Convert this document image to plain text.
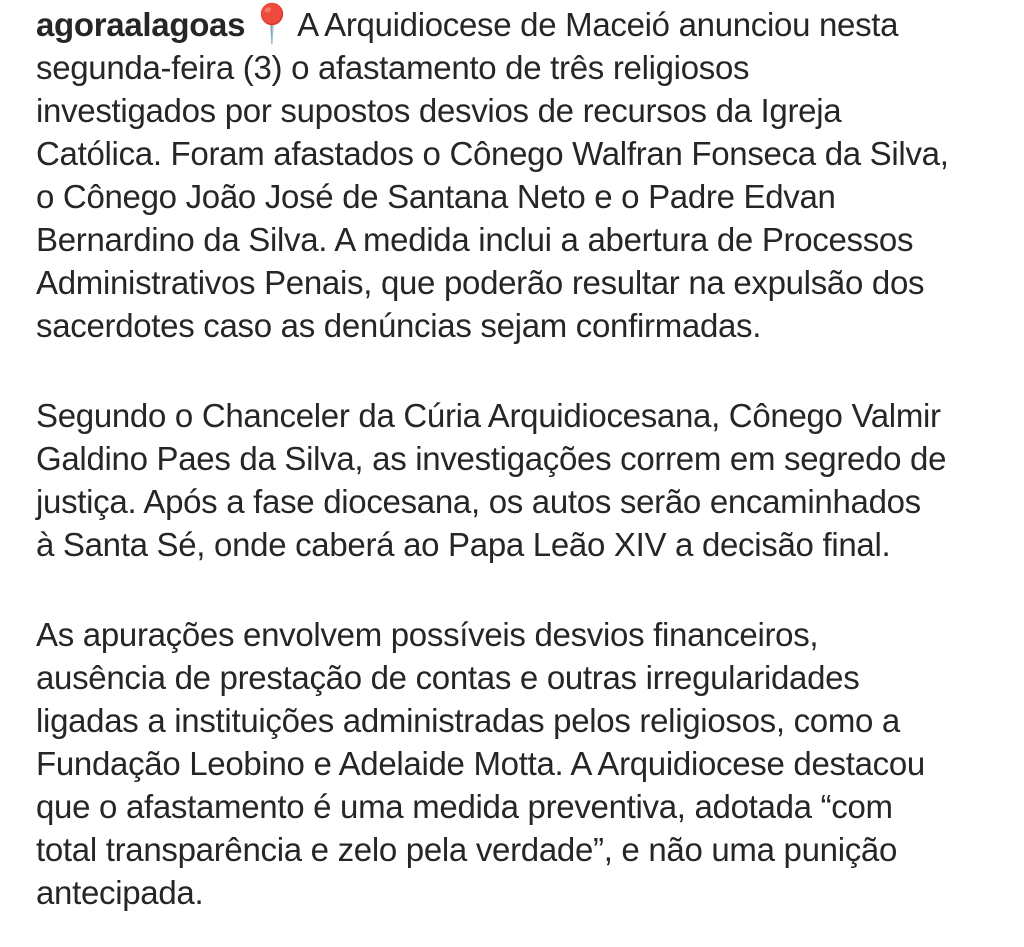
agoraalagoas A Arquidiocese de Maceió anunciou nesta
segunda-feira (3) o afastamento de três religiosos
investigados por supostos desvios de recursos da Igreja
Católica. Foram afastados o Cônego Walfran Fonseca da Silva,
o Cônego João José de Santana Neto e o Padre Edvan
Bernardino da Silva. A medida inclui a abertura de Processos
Administrativos Penais, que poderão resultar na expulsão dos
sacerdotes caso as denúncias sejam confirmadas.
Segundo o Chanceler da Cúria Arquidiocesana, Cônego Valmir
Galdino Paes da Silva, as investigações correm em segredo de
justiça. Após a fase diocesana, os autos serão encaminhados
à Santa Sé, onde caberá ao Papa Leão XIV a decisão final.
As apurações envolvem possíveis desvios financeiros,
ausência de prestação de contas e outras irregularidades
ligadas a instituições administradas pelos religiosos, como a
Fundação Leobino e Adelaide Motta. A Arquidiocese destacou
que o afastamento é uma medida preventiva, adotada “com
total transparência e zelo pela verdade”, e não uma punição
antecipada.
